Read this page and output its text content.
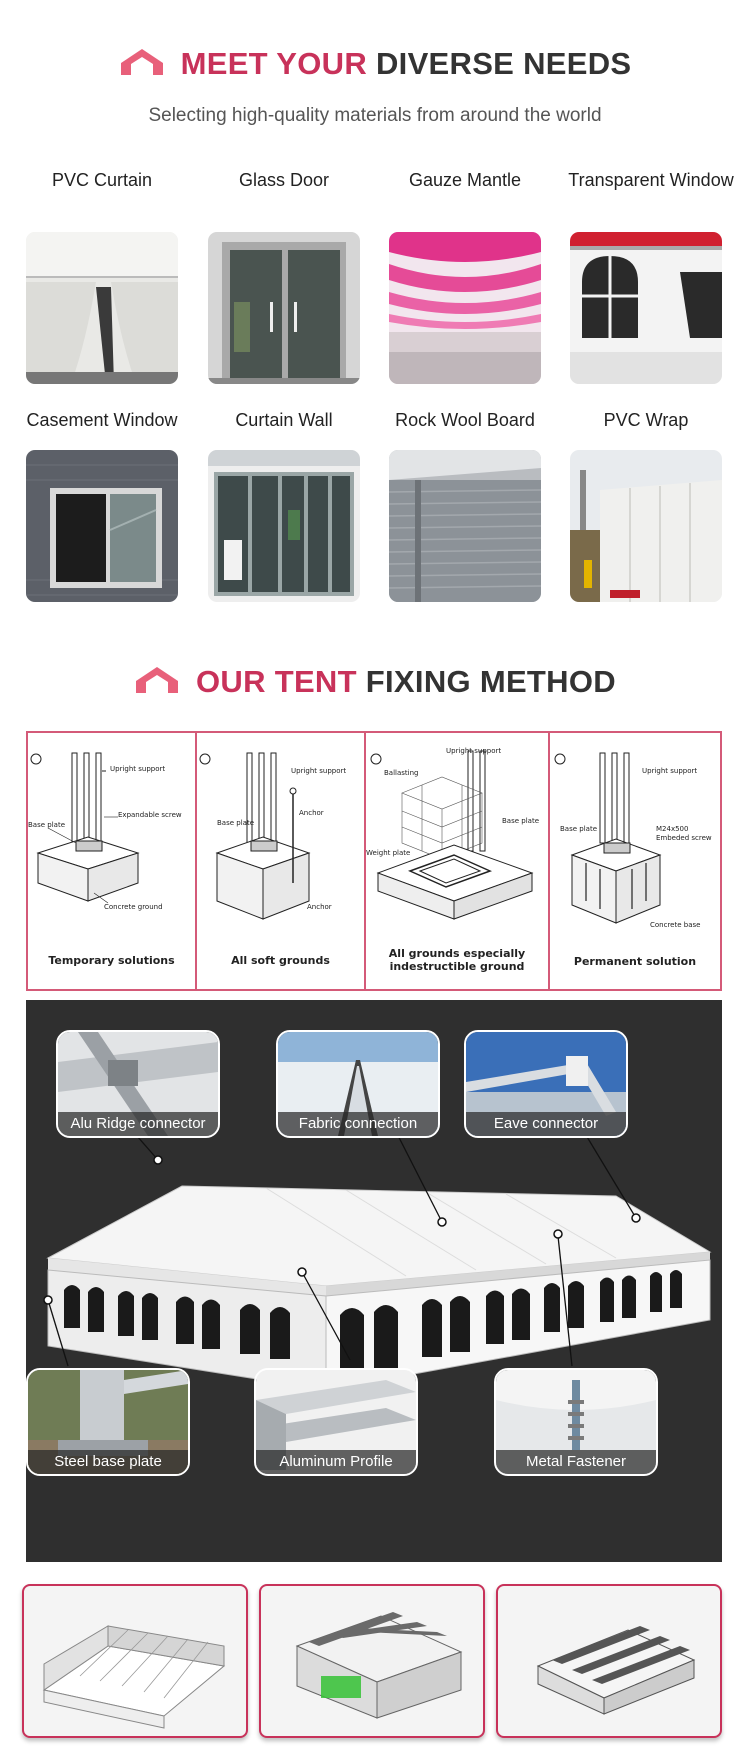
MEET YOUR DIVERSE NEEDS
Selecting high-quality materials from around the world
PVC Curtain	Glass Door	Gauze Mantle	Transparent Window
Casement Window	Curtain Wall	Rock Wool Board	PVC Wrap
OUR TENT FIXING METHOD
Upright support
Expandable screw
Base plate
Concrete ground
Temporary solutions
Upright support
Anchor
Base plate
Anchor
All soft grounds
Upright support
Ballasting
Base plate
Weight plate
All grounds especially
indestructible ground
Upright support
M24x500
Embeded screw
Base plate
Concrete base
Permanent solution
Alu Ridge connector	Fabric connection	Eave connector
Steel base plate	Aluminum Profile	Metal Fastener
